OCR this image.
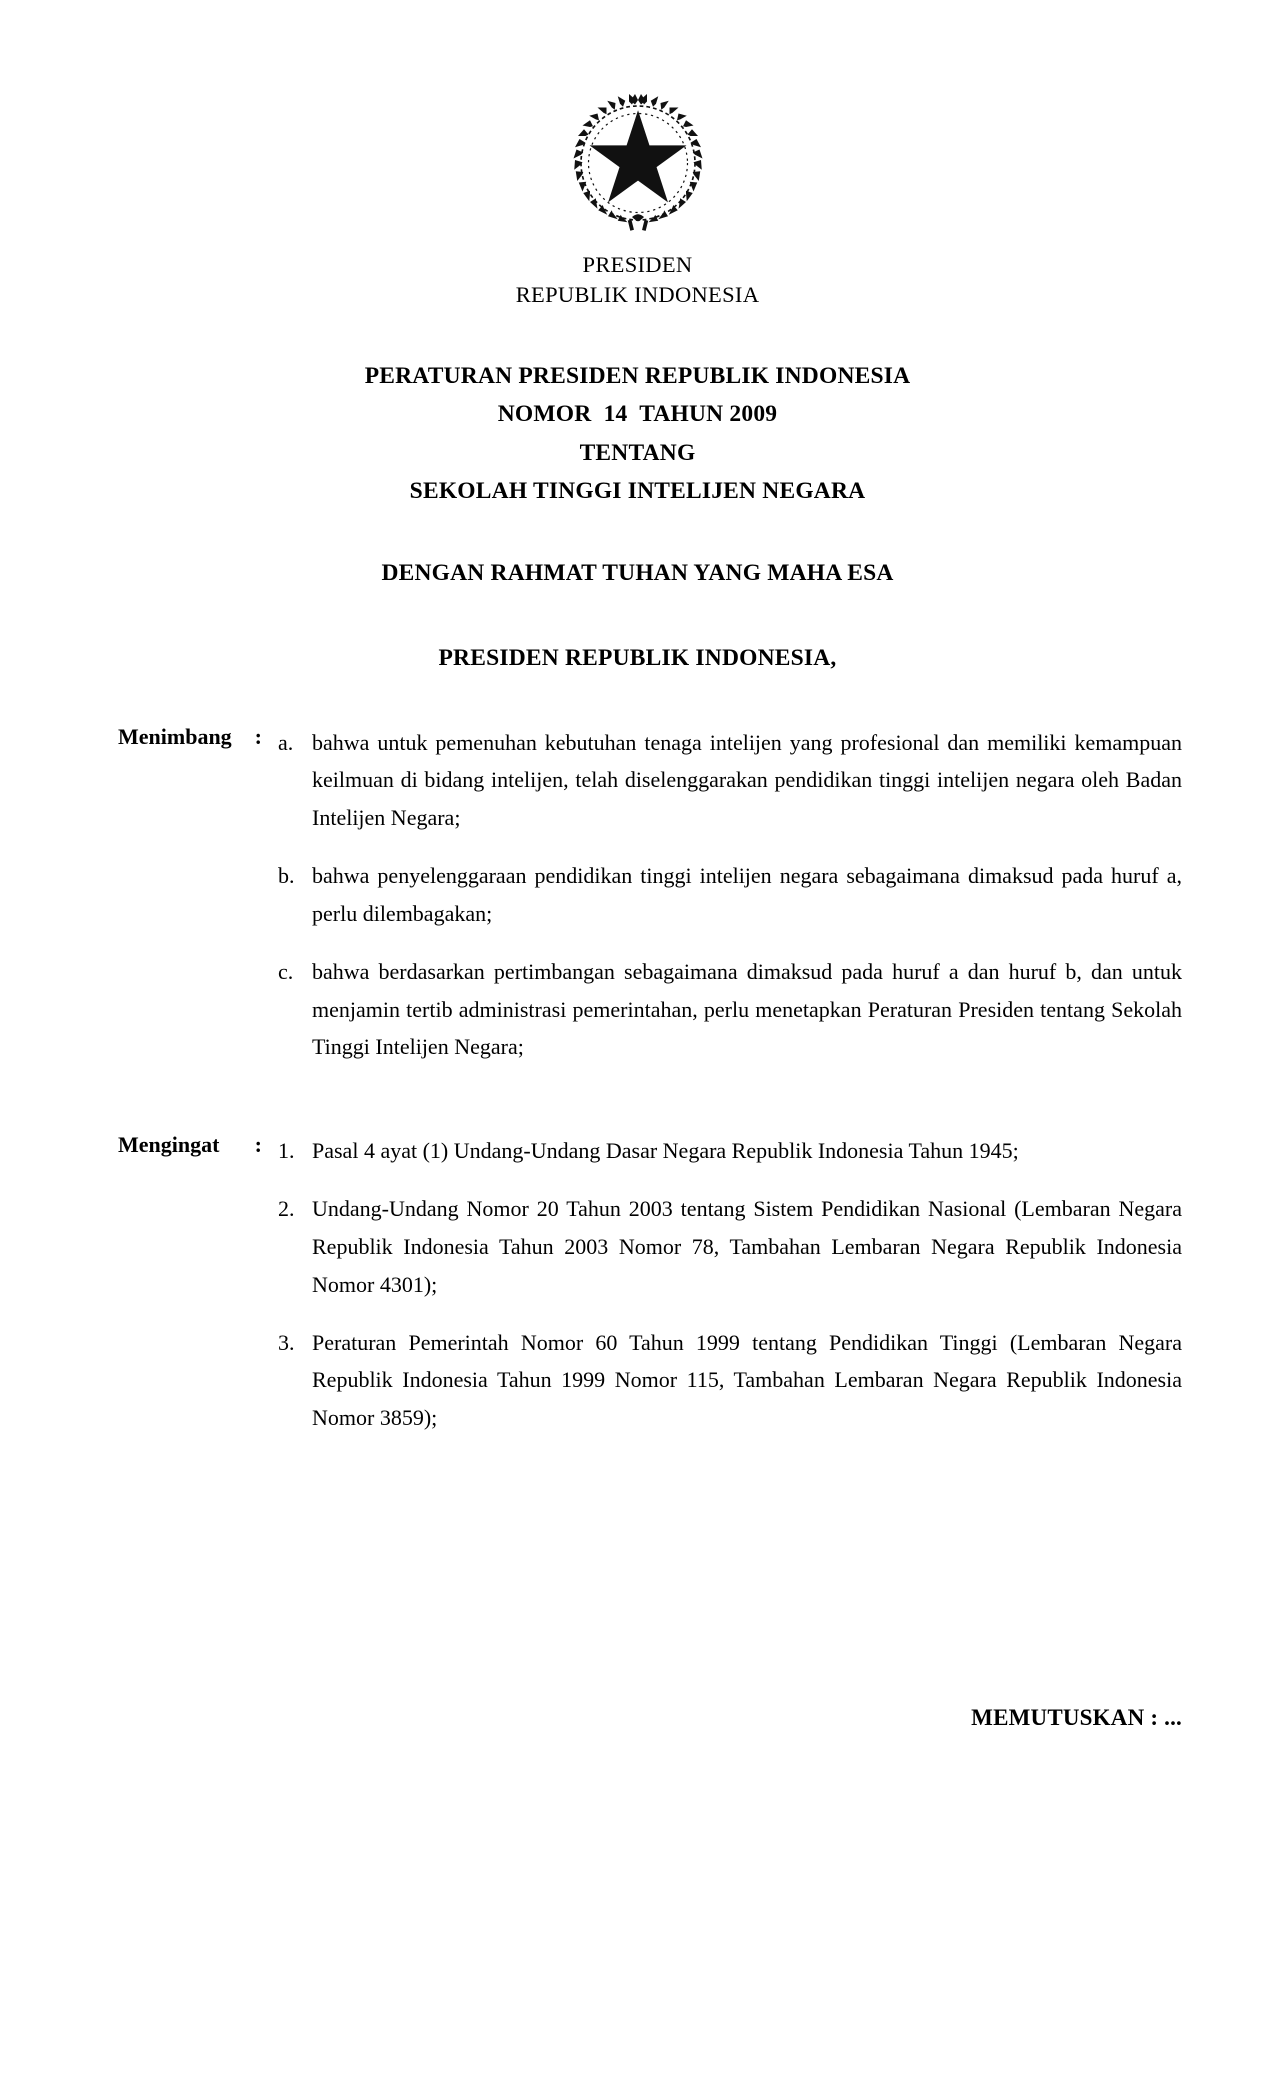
PRESIDEN
REPUBLIK INDONESIA
PERATURAN PRESIDEN REPUBLIK INDONESIA
NOMOR  14  TAHUN 2009
TENTANG
SEKOLAH TINGGI INTELIJEN NEGARA
DENGAN RAHMAT TUHAN YANG MAHA ESA
PRESIDEN REPUBLIK INDONESIA,
Menimbang : a. bahwa untuk pemenuhan kebutuhan tenaga intelijen yang profesional dan memiliki kemampuan keilmuan di bidang intelijen, telah diselenggarakan pendidikan tinggi intelijen negara oleh Badan Intelijen Negara;
b. bahwa penyelenggaraan pendidikan tinggi intelijen negara sebagaimana dimaksud pada huruf a, perlu dilembagakan;
c. bahwa berdasarkan pertimbangan sebagaimana dimaksud pada huruf a dan huruf b, dan untuk menjamin tertib administrasi pemerintahan, perlu menetapkan Peraturan Presiden tentang Sekolah Tinggi Intelijen Negara;
Mengingat : 1. Pasal 4 ayat (1) Undang-Undang Dasar Negara Republik Indonesia Tahun 1945;
2. Undang-Undang Nomor 20 Tahun 2003 tentang Sistem Pendidikan Nasional (Lembaran Negara Republik Indonesia Tahun 2003 Nomor 78, Tambahan Lembaran Negara Republik Indonesia Nomor 4301);
3. Peraturan Pemerintah Nomor 60 Tahun 1999 tentang Pendidikan Tinggi (Lembaran Negara Republik Indonesia Tahun 1999 Nomor 115, Tambahan Lembaran Negara Republik Indonesia Nomor 3859);
MEMUTUSKAN : ...
